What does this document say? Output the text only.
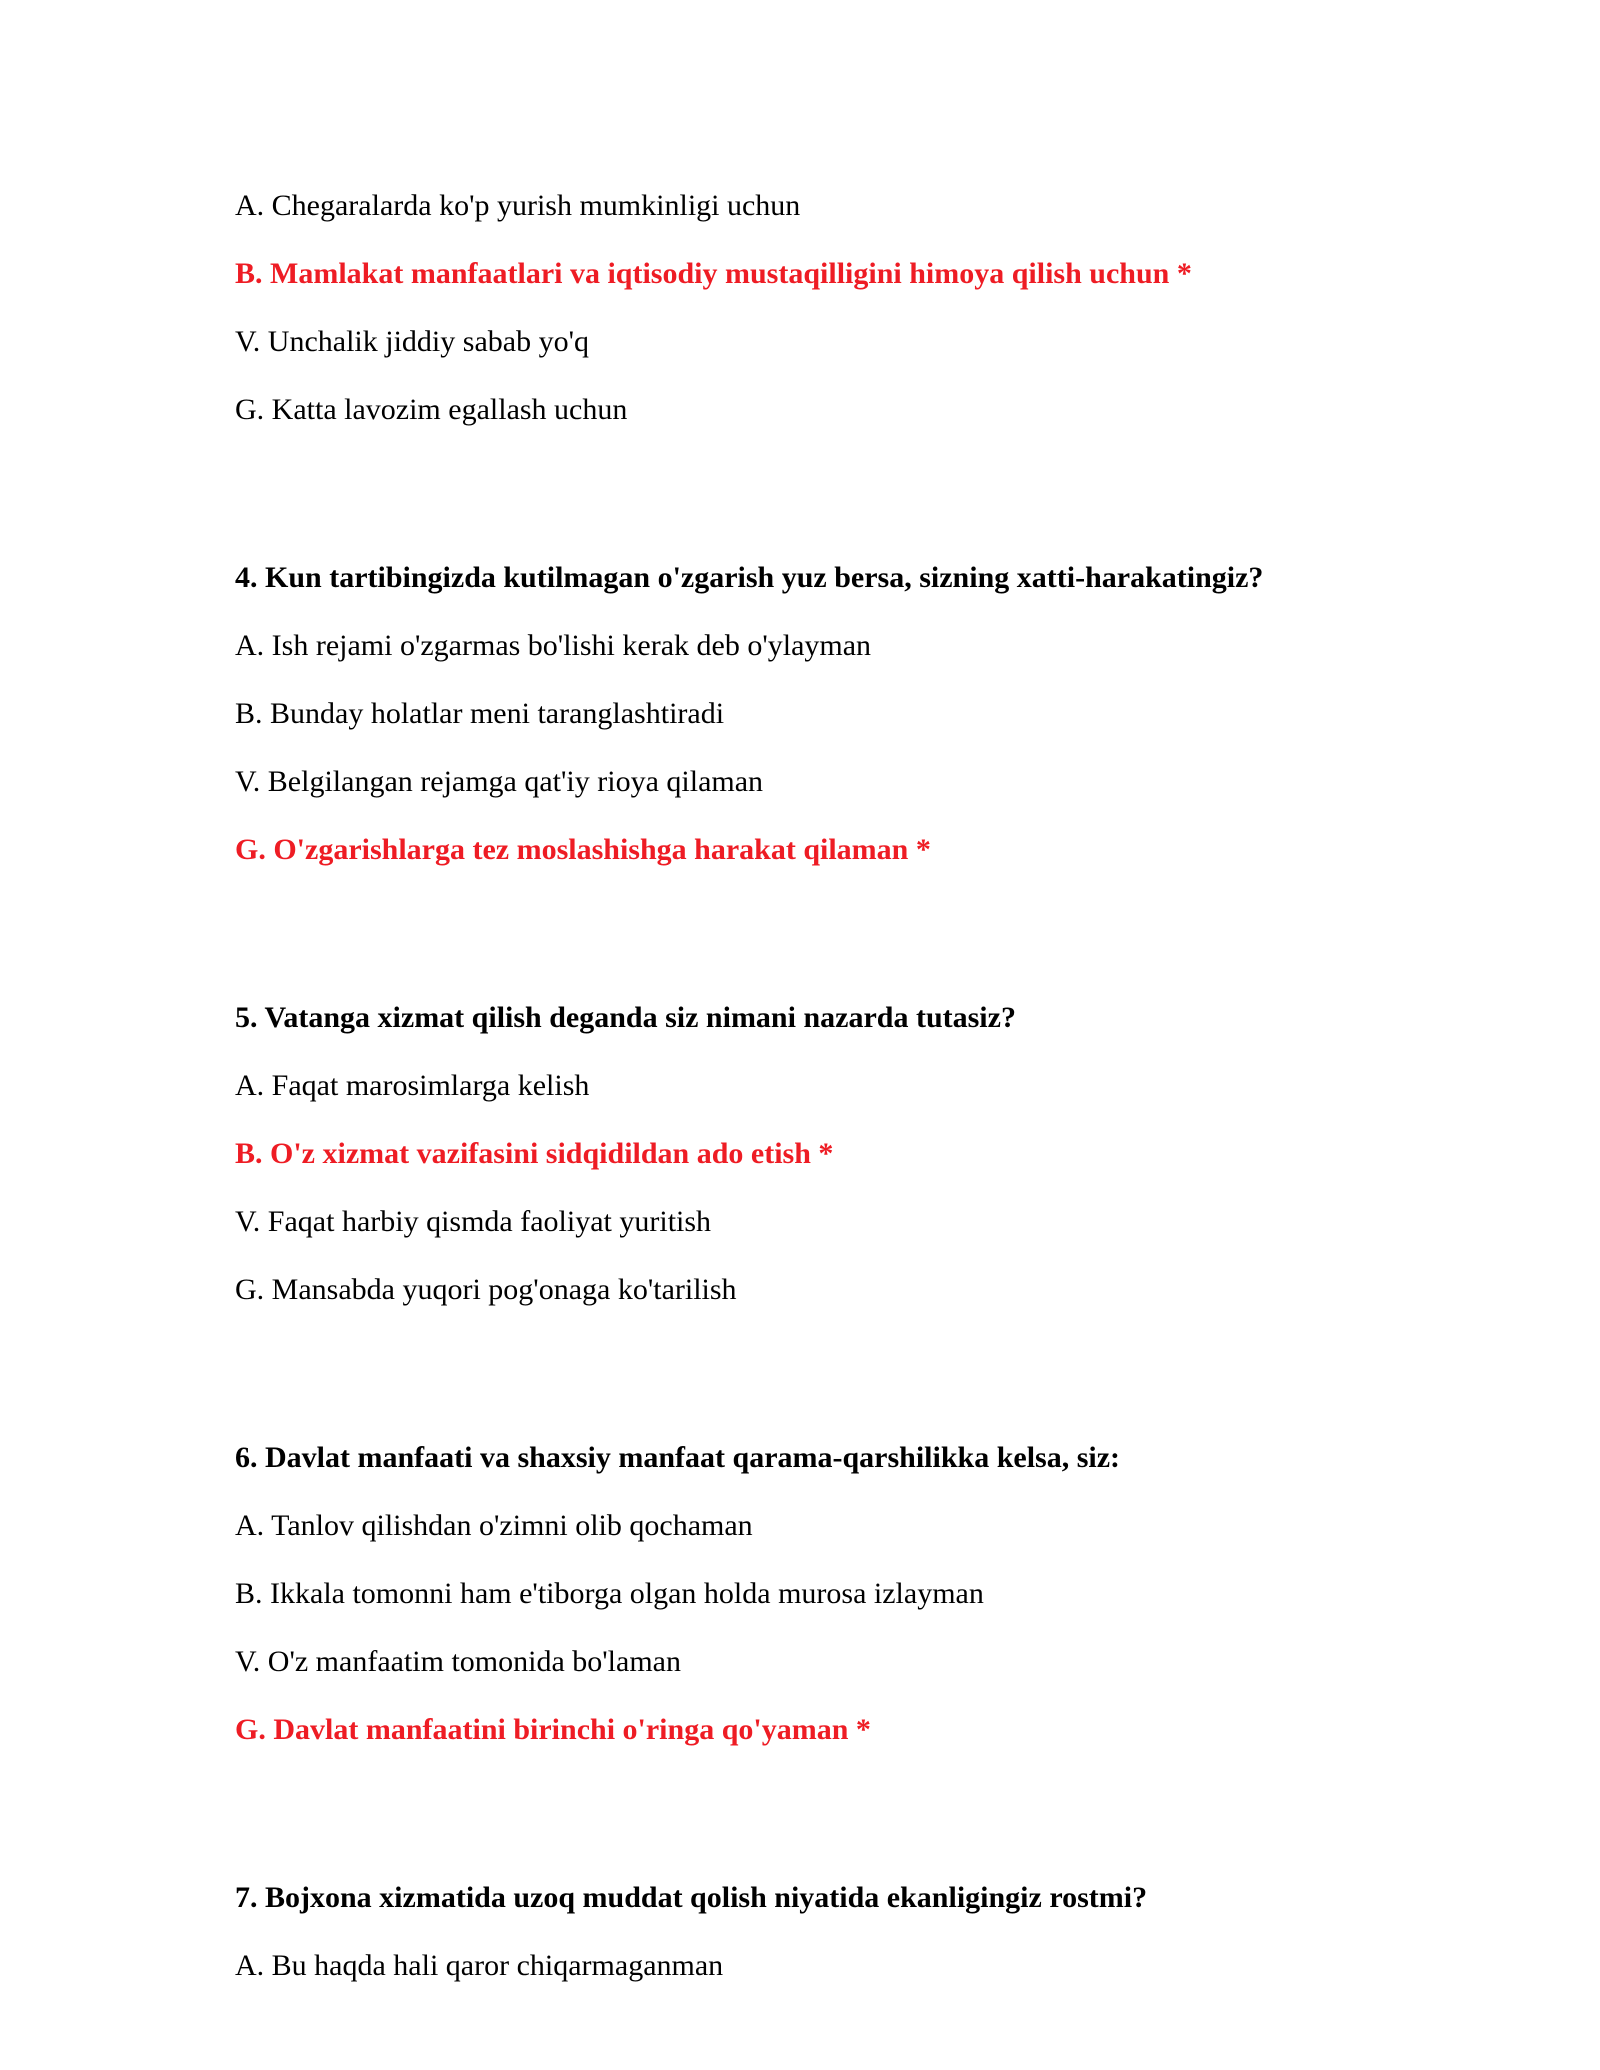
A. Chegaralarda ko'p yurish mumkinligi uchun

B. Mamlakat manfaatlari va iqtisodiy mustaqilligini himoya qilish uchun *

V. Unchalik jiddiy sabab yo'q

G. Katta lavozim egallash uchun

4. Kun tartibingizda kutilmagan o'zgarish yuz bersa, sizning xatti-harakatingiz?

A. Ish rejami o'zgarmas bo'lishi kerak deb o'ylayman

B. Bunday holatlar meni taranglashtiradi

V. Belgilangan rejamga qat'iy rioya qilaman

G. O'zgarishlarga tez moslashishga harakat qilaman *

5. Vatanga xizmat qilish deganda siz nimani nazarda tutasiz?

A. Faqat marosimlarga kelish

B. O'z xizmat vazifasini sidqidildan ado etish *

V. Faqat harbiy qismda faoliyat yuritish

G. Mansabda yuqori pog'onaga ko'tarilish

6. Davlat manfaati va shaxsiy manfaat qarama-qarshilikka kelsa, siz:

A. Tanlov qilishdan o'zimni olib qochaman

B. Ikkala tomonni ham e'tiborga olgan holda murosa izlayman

V. O'z manfaatim tomonida bo'laman

G. Davlat manfaatini birinchi o'ringa qo'yaman *

7. Bojxona xizmatida uzoq muddat qolish niyatida ekanligingiz rostmi?

A. Bu haqda hali qaror chiqarmaganman
